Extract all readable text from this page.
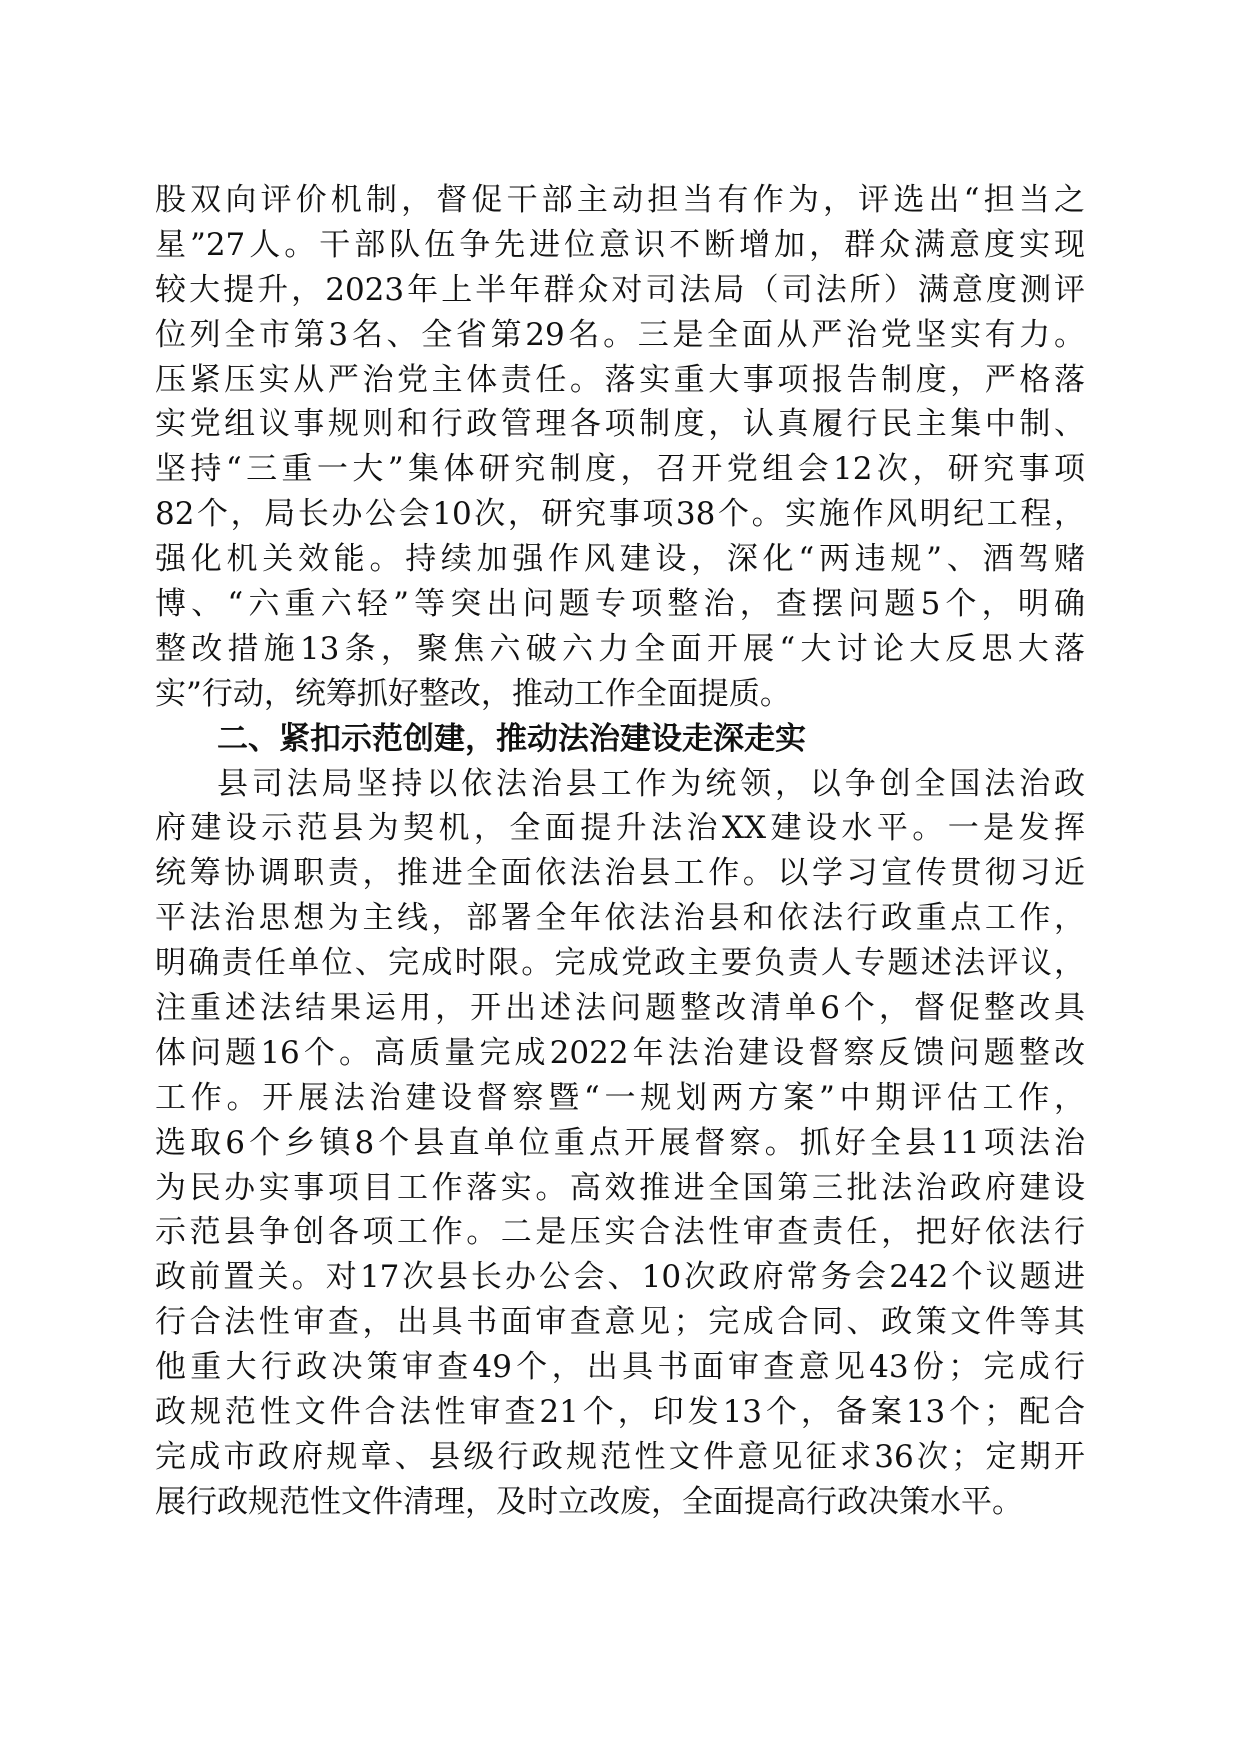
股双向评价机制，督促干部主动担当有作为，评选出“担当之
星”27人。干部队伍争先进位意识不断增加，群众满意度实现
较大提升，2023年上半年群众对司法局（司法所）满意度测评
位列全市第3名、全省第29名。三是全面从严治党坚实有力。
压紧压实从严治党主体责任。落实重大事项报告制度，严格落
实党组议事规则和行政管理各项制度，认真履行民主集中制、
坚持“三重一大”集体研究制度，召开党组会12次，研究事项
82个，局长办公会10次，研究事项38个。实施作风明纪工程，
强化机关效能。持续加强作风建设，深化“两违规”、酒驾赌
博、“六重六轻”等突出问题专项整治，查摆问题5个，明确
整改措施13条，聚焦六破六力全面开展“大讨论大反思大落
实”行动，统筹抓好整改，推动工作全面提质。
二、紧扣示范创建，推动法治建设走深走实
县司法局坚持以依法治县工作为统领，以争创全国法治政
府建设示范县为契机，全面提升法治XX建设水平。一是发挥
统筹协调职责，推进全面依法治县工作。以学习宣传贯彻习近
平法治思想为主线，部署全年依法治县和依法行政重点工作，
明确责任单位、完成时限。完成党政主要负责人专题述法评议，
注重述法结果运用，开出述法问题整改清单6个，督促整改具
体问题16个。高质量完成2022年法治建设督察反馈问题整改
工作。开展法治建设督察暨“一规划两方案”中期评估工作，
选取6个乡镇8个县直单位重点开展督察。抓好全县11项法治
为民办实事项目工作落实。高效推进全国第三批法治政府建设
示范县争创各项工作。二是压实合法性审查责任，把好依法行
政前置关。对17次县长办公会、10次政府常务会242个议题进
行合法性审查，出具书面审查意见；完成合同、政策文件等其
他重大行政决策审查49个，出具书面审查意见43份；完成行
政规范性文件合法性审查21个，印发13个，备案13个；配合
完成市政府规章、县级行政规范性文件意见征求36次；定期开
展行政规范性文件清理，及时立改废，全面提高行政决策水平。
